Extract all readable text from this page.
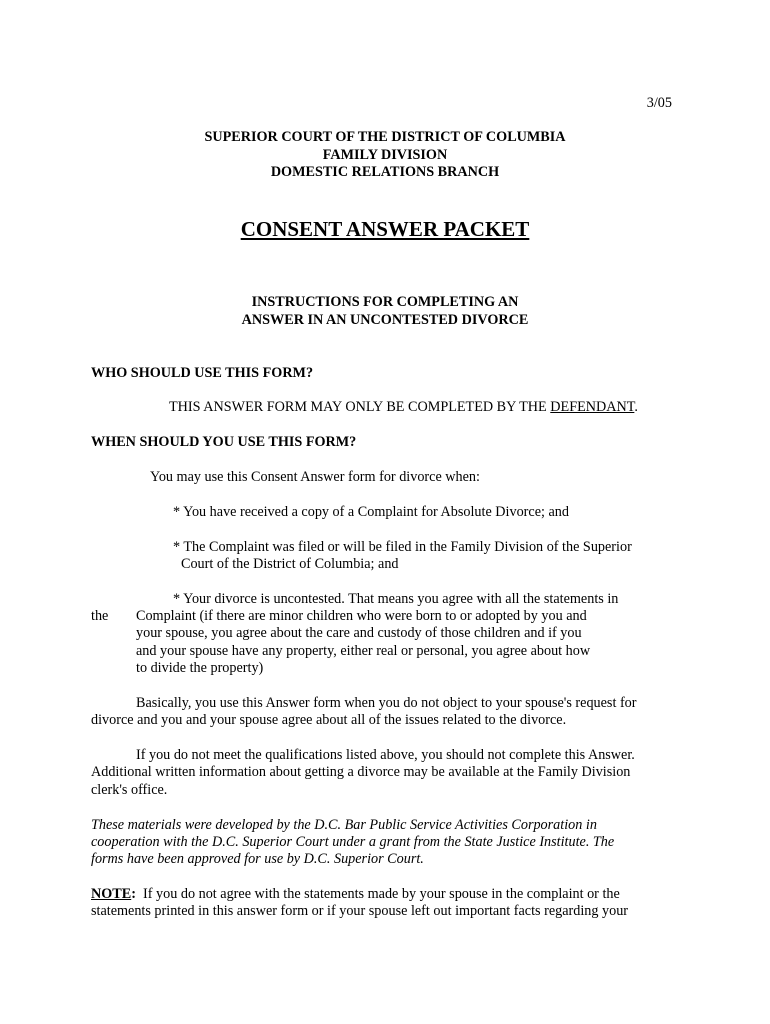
3/05
SUPERIOR COURT OF THE DISTRICT OF COLUMBIA
FAMILY DIVISION
DOMESTIC RELATIONS BRANCH
CONSENT ANSWER PACKET
INSTRUCTIONS FOR COMPLETING AN
ANSWER IN AN UNCONTESTED DIVORCE
WHO SHOULD USE THIS FORM?
THIS ANSWER FORM MAY ONLY BE COMPLETED BY THE DEFENDANT.
WHEN SHOULD YOU USE THIS FORM?
You may use this Consent Answer form for divorce when:
* You have received a copy of a Complaint for Absolute Divorce; and
* The Complaint was filed or will be filed in the Family Division of the Superior
Court of the District of Columbia; and
* Your divorce is uncontested. That means you agree with all the statements in
the Complaint (if there are minor children who were born to or adopted by you and
your spouse, you agree about the care and custody of those children and if you
and your spouse have any property, either real or personal, you agree about how
to divide the property)
Basically, you use this Answer form when you do not object to your spouse's request for
divorce and you and your spouse agree about all of the issues related to the divorce.
If you do not meet the qualifications listed above, you should not complete this Answer.
Additional written information about getting a divorce may be available at the Family Division
clerk's office.
These materials were developed by the D.C. Bar Public Service Activities Corporation in
cooperation with the D.C. Superior Court under a grant from the State Justice Institute. The
forms have been approved for use by D.C. Superior Court.
NOTE:  If you do not agree with the statements made by your spouse in the complaint or the
statements printed in this answer form or if your spouse left out important facts regarding your
